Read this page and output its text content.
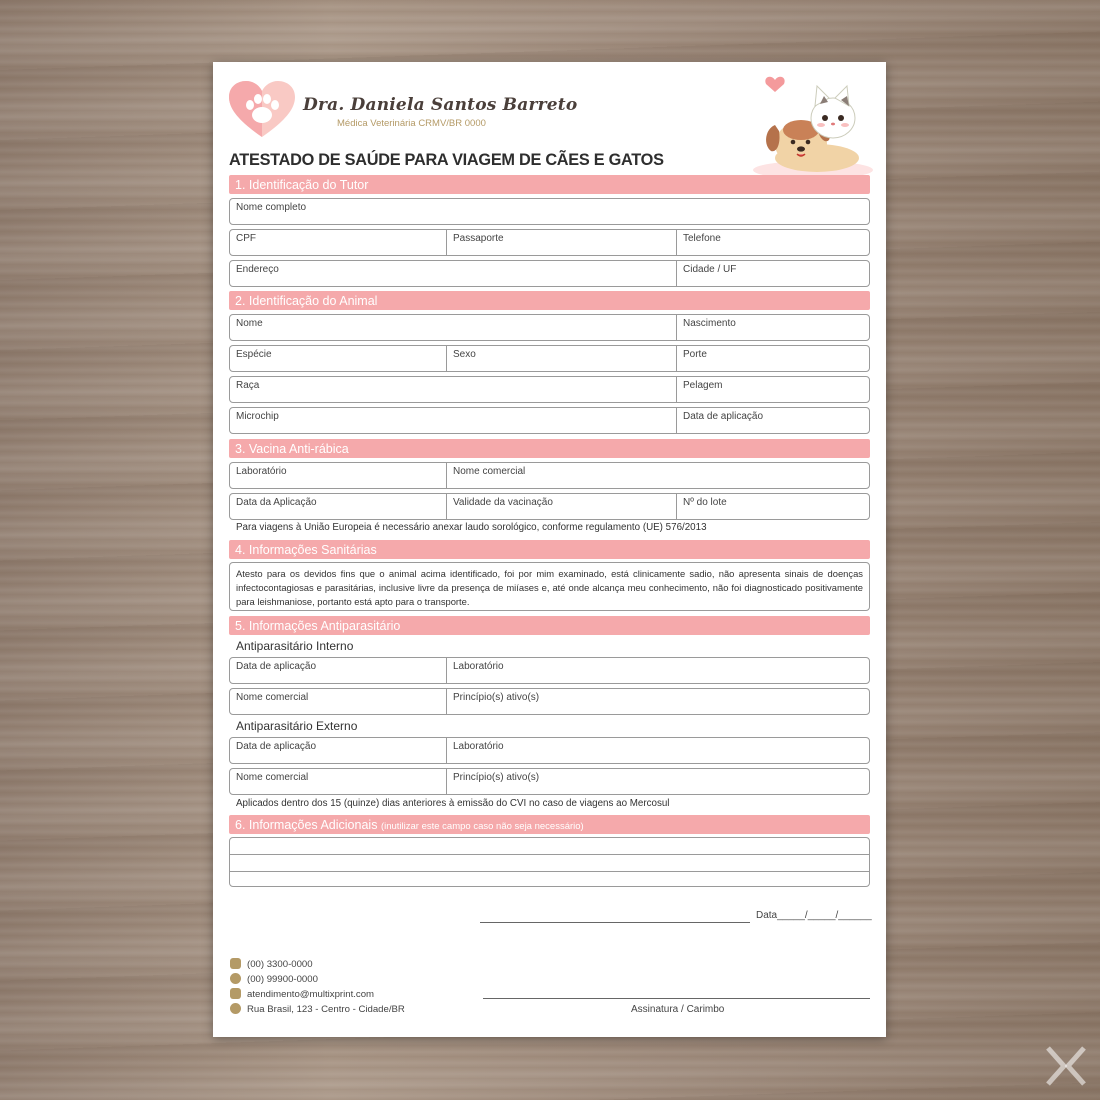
Dra. Daniela Santos Barreto
Médica Veterinária CRMV/BR 0000
ATESTADO DE SAÚDE PARA VIAGEM DE CÃES E GATOS
1. Identificação do Tutor
Nome completo
CPF	Passaporte	Telefone
Endereço	Cidade / UF
2. Identificação do Animal
Nome	Nascimento
Espécie	Sexo	Porte
Raça	Pelagem
Microchip	Data de aplicação
3. Vacina Anti-rábica
Laboratório	Nome comercial
Data da Aplicação	Validade da vacinação	Nº do lote
Para viagens à União Europeia é necessário anexar laudo sorológico, conforme regulamento (UE) 576/2013
4. Informações Sanitárias
Atesto para os devidos fins que o animal acima identificado, foi por mim examinado, está clinicamente sadio, não apresenta sinais de doenças infectocontagiosas e parasitárias, inclusive livre da presença de miíases e, até onde alcança meu conhecimento, não foi diagnosticado positivamente para leishmaniose, portanto está apto para o transporte.
5. Informações Antiparasitário
Antiparasitário Interno
Data de aplicação	Laboratório
Nome comercial	Princípio(s) ativo(s)
Antiparasitário Externo
Data de aplicação	Laboratório
Nome comercial	Princípio(s) ativo(s)
Aplicados dentro dos 15 (quinze) dias anteriores à emissão do CVI no caso de viagens ao Mercosul
6. Informações Adicionais (inutilizar este campo caso não seja necessário)
Data_____/_____/______
Assinatura / Carimbo
(00) 3300-0000
(00) 99900-0000
atendimento@multixprint.com
Rua Brasil, 123 - Centro - Cidade/BR
